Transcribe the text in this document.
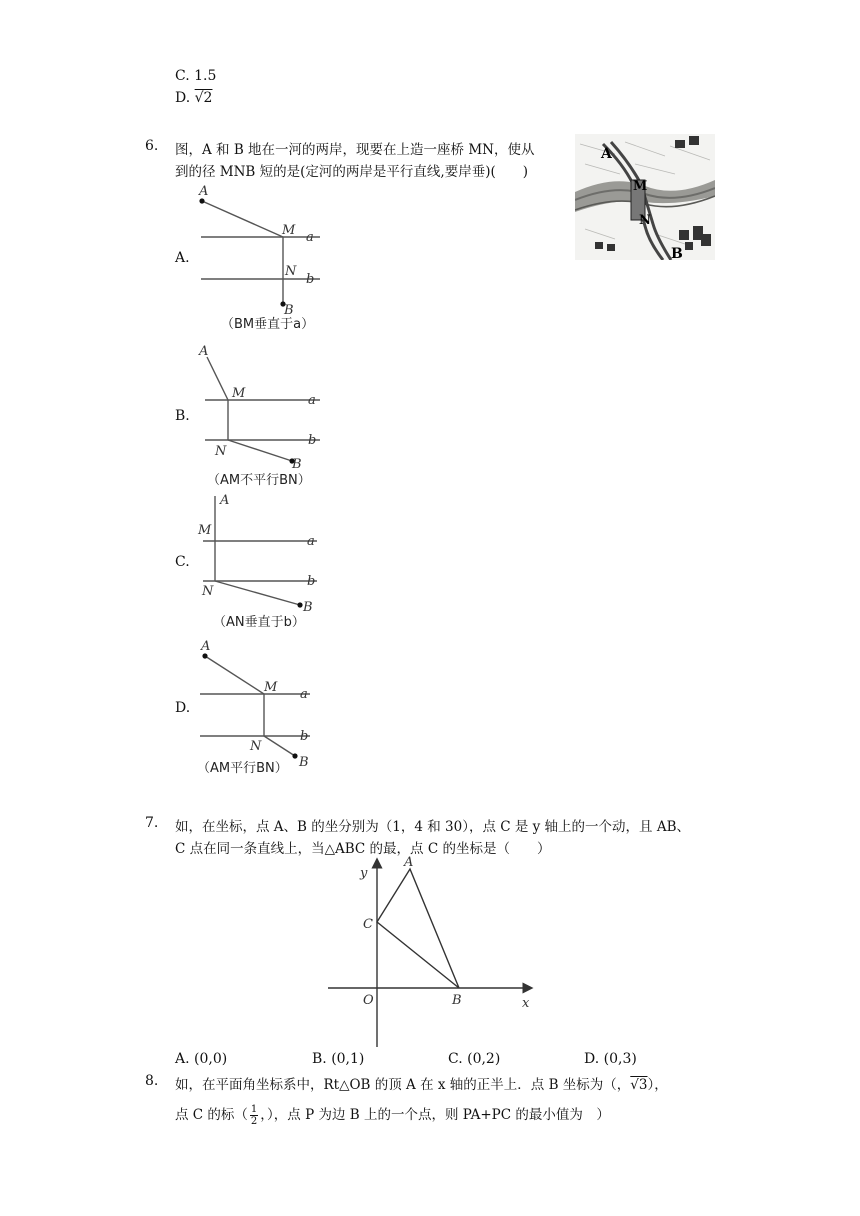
C. 1.5
D. √2
6. 图，A 和 B 地在一河的两岸，现要在上造一座桥 MN，使从
到的径 MNB 短的是(定河的两岸是平行直线,要岸垂)(　　)
A
M
N
B
A.
A
M a
N
b
B
（BM垂直于a）
B.
A
M	a
N
b
B
（AM不平行BN）
C.
A
M
a
N
b
B
（AN垂直于b）
D.
A
M a
N
b
B
（AM平行BN）
7. 如，在坐标，点 A、B 的坐分别为（1，4 和 30），点 C 是 y 轴上的一个动，且 AB、
C 点在同一条直线上，当△ABC 的最，点 C 的坐标是（　　）
y
A
C
O	B	x
A. (0,0)	B. (0,1)	C. (0,2)	D. (0,3)
8. 如，在平面角坐标系中，Rt△OB 的顶 A 在 x 轴的正半上．点 B 坐标为（，√3），
点 C 的标（ $\frac{1}{2}$ ，），点 P 为边 B 上的一个点，则 PA+PC 的最小值为　）
